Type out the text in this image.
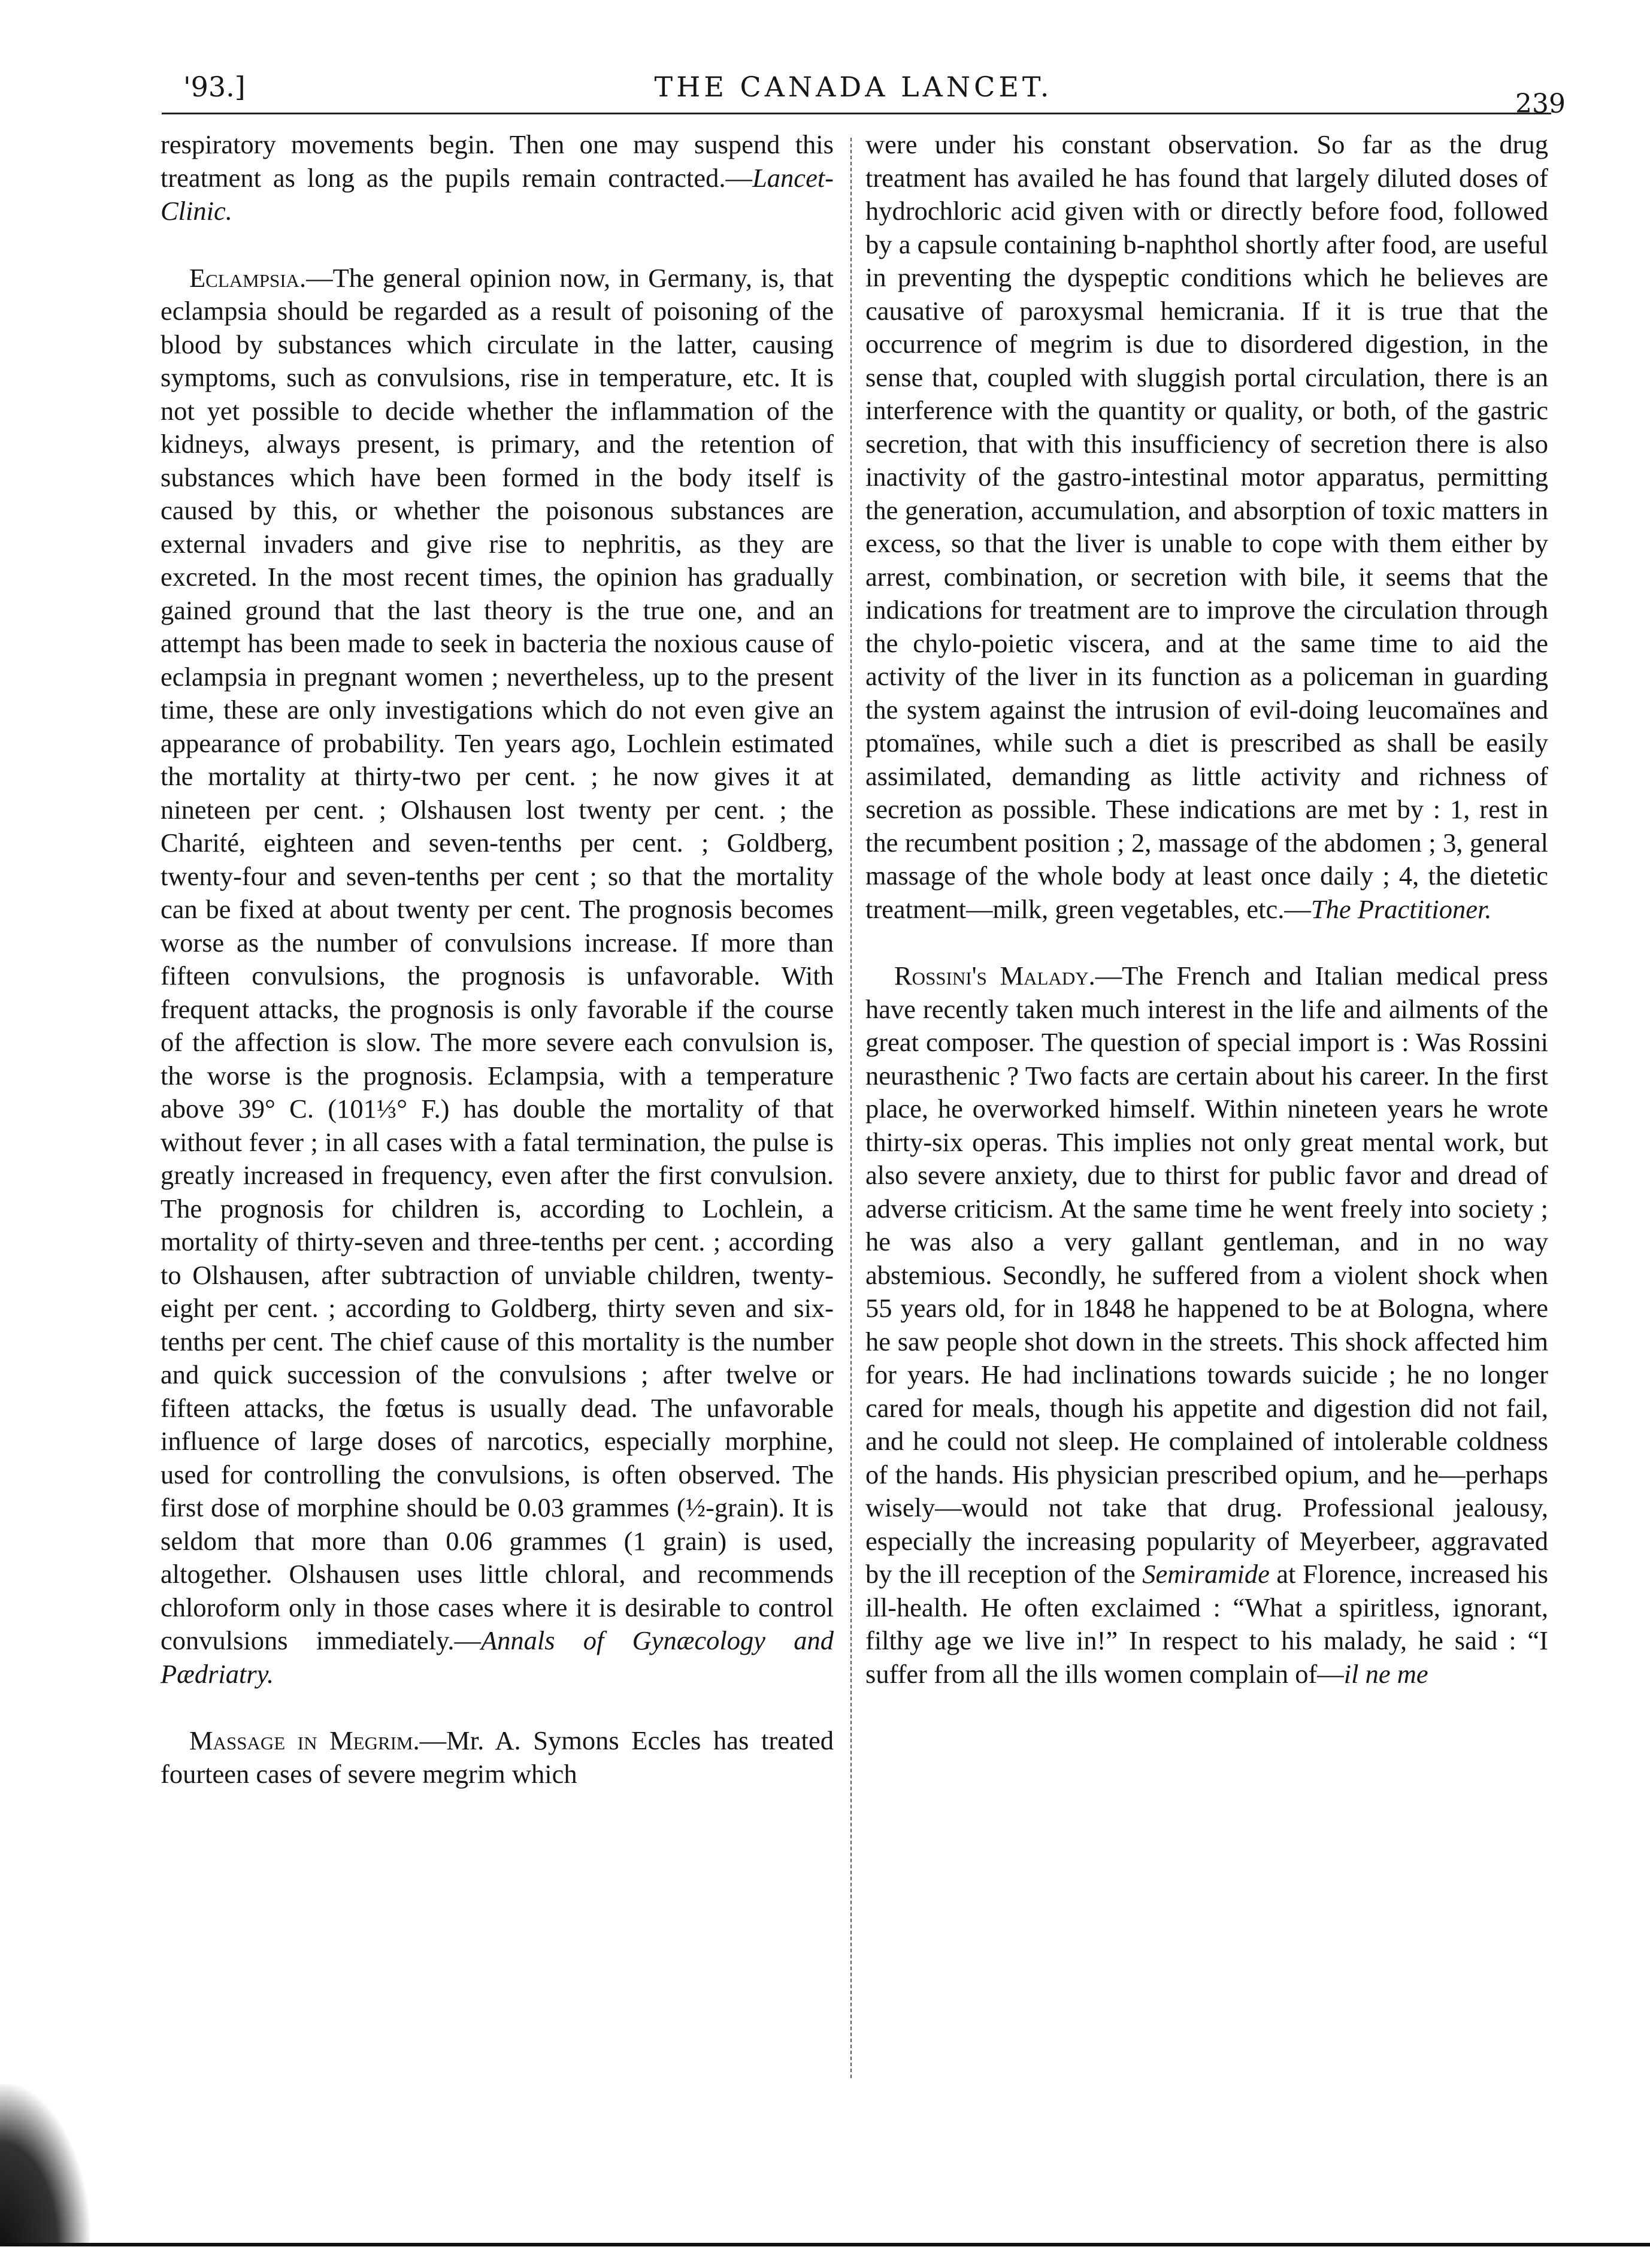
'93.]	THE CANADA LANCET.
239

respiratory movements begin. Then one may suspend this treatment as long as the pupils remain contracted.—Lancet-Clinic.

Eclampsia.—The general opinion now, in Germany, is, that eclampsia should be regarded as a result of poisoning of the blood by substances which circulate in the latter, causing symptoms, such as convulsions, rise in temperature, etc. It is not yet possible to decide whether the inflammation of the kidneys, always present, is primary, and the retention of substances which have been formed in the body itself is caused by this, or whether the poisonous substances are external invaders and give rise to nephritis, as they are excreted. In the most recent times, the opinion has gradually gained ground that the last theory is the true one, and an attempt has been made to seek in bacteria the noxious cause of eclampsia in pregnant women ; nevertheless, up to the present time, these are only investigations which do not even give an appearance of probability. Ten years ago, Lochlein estimated the mortality at thirty-two per cent. ; he now gives it at nineteen per cent. ; Olshausen lost twenty per cent. ; the Charité, eighteen and seven-tenths per cent. ; Goldberg, twenty-four and seven-tenths per cent ; so that the mortality can be fixed at about twenty per cent. The prognosis becomes worse as the number of convulsions increase. If more than fifteen convulsions, the prognosis is unfavorable. With frequent attacks, the prognosis is only favorable if the course of the affection is slow. The more severe each convulsion is, the worse is the prognosis. Eclampsia, with a temperature above 39° C. (101⅓° F.) has double the mortality of that without fever ; in all cases with a fatal termination, the pulse is greatly increased in frequency, even after the first convulsion. The prognosis for children is, according to Lochlein, a mortality of thirty-seven and three-tenths per cent. ; according to Olshausen, after subtraction of unviable children, twenty-eight per cent. ; according to Goldberg, thirty seven and six-tenths per cent. The chief cause of this mortality is the number and quick succession of the convulsions ; after twelve or fifteen attacks, the fœtus is usually dead. The unfavorable influence of large doses of narcotics, especially morphine, used for controlling the convulsions, is often observed. The first dose of morphine should be 0.03 grammes (½-grain). It is seldom that more than 0.06 grammes (1 grain) is used, altogether. Olshausen uses little chloral, and recommends chloroform only in those cases where it is desirable to control convulsions immediately.—Annals of Gynæcology and Pædriatry.

Massage in Megrim.—Mr. A. Symons Eccles has treated fourteen cases of severe megrim which

were under his constant observation. So far as the drug treatment has availed he has found that largely diluted doses of hydrochloric acid given with or directly before food, followed by a capsule containing b-naphthol shortly after food, are useful in preventing the dyspeptic conditions which he believes are causative of paroxysmal hemicrania. If it is true that the occurrence of megrim is due to disordered digestion, in the sense that, coupled with sluggish portal circulation, there is an interference with the quantity or quality, or both, of the gastric secretion, that with this insufficiency of secretion there is also inactivity of the gastro-intestinal motor apparatus, permitting the generation, accumulation, and absorption of toxic matters in excess, so that the liver is unable to cope with them either by arrest, combination, or secretion with bile, it seems that the indications for treatment are to improve the circulation through the chylo-poietic viscera, and at the same time to aid the activity of the liver in its function as a policeman in guarding the system against the intrusion of evil-doing leucomaïnes and ptomaïnes, while such a diet is prescribed as shall be easily assimilated, demanding as little activity and richness of secretion as possible. These indications are met by : 1, rest in the recumbent position ; 2, massage of the abdomen ; 3, general massage of the whole body at least once daily ; 4, the dietetic treatment—milk, green vegetables, etc.—The Practitioner.

Rossini's Malady.—The French and Italian medical press have recently taken much interest in the life and ailments of the great composer. The question of special import is : Was Rossini neurasthenic ? Two facts are certain about his career. In the first place, he overworked himself. Within nineteen years he wrote thirty-six operas. This implies not only great mental work, but also severe anxiety, due to thirst for public favor and dread of adverse criticism. At the same time he went freely into society ; he was also a very gallant gentleman, and in no way abstemious. Secondly, he suffered from a violent shock when 55 years old, for in 1848 he happened to be at Bologna, where he saw people shot down in the streets. This shock affected him for years. He had inclinations towards suicide ; he no longer cared for meals, though his appetite and digestion did not fail, and he could not sleep. He complained of intolerable coldness of the hands. His physician prescribed opium, and he—perhaps wisely—would not take that drug. Professional jealousy, especially the increasing popularity of Meyerbeer, aggravated by the ill reception of the Semiramide at Florence, increased his ill-health. He often exclaimed : “What a spiritless, ignorant, filthy age we live in!” In respect to his malady, he said : “I suffer from all the ills women complain of—il ne me
